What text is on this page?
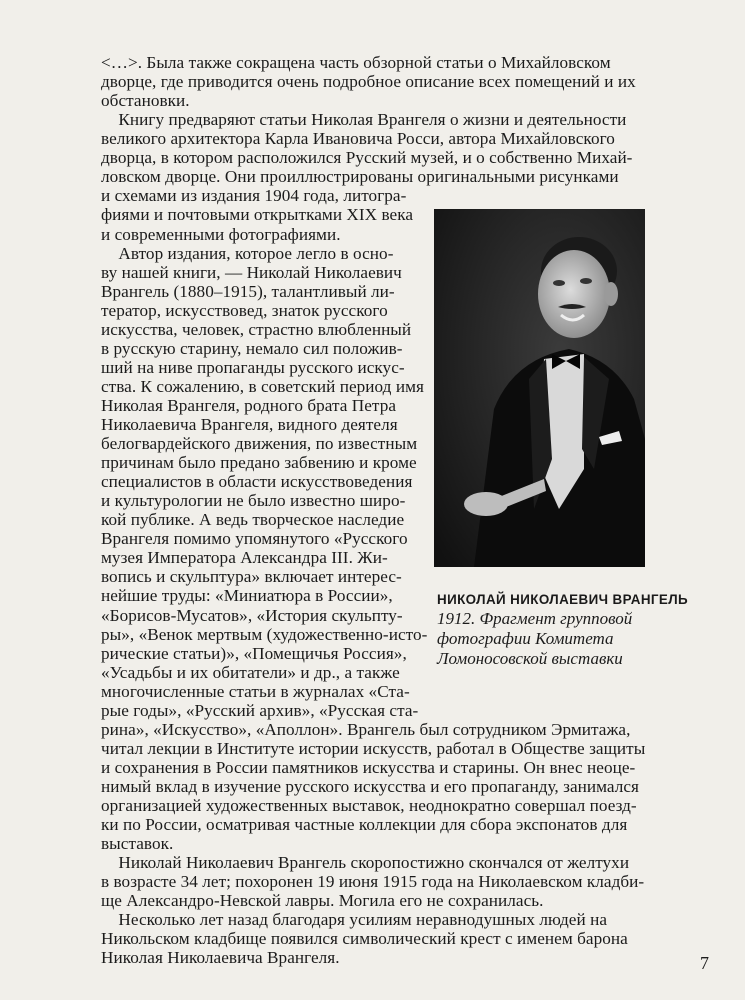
<…>. Была также сокращена часть обзорной статьи о Михайловском
дворце, где приводится очень подробное описание всех помещений и их
обстановки.
Книгу предваряют статьи Николая Врангеля о жизни и деятельности
великого архитектора Карла Ивановича Росси, автора Михайловского
дворца, в котором расположился Русский музей, и о собственно Михай-
ловском дворце. Они проиллюстрированы оригинальными рисунками
и схемами из издания 1904 года, литогра-
фиями и почтовыми открытками XIX века
и современными фотографиями.
Автор издания, которое легло в осно-
ву нашей книги, — Николай Николаевич
Врангель (1880–1915), талантливый ли-
тератор, искусствовед, знаток русского
искусства, человек, страстно влюбленный
в русскую старину, немало сил положив-
ший на ниве пропаганды русского искус-
ства. К сожалению, в советский период имя
Николая Врангеля, родного брата Петра
Николаевича Врангеля, видного деятеля
белогвардейского движения, по известным
причинам было предано забвению и кроме
специалистов в области искусствоведения
и культурологии не было известно широ-
кой публике. А ведь творческое наследие
Врангеля помимо упомянутого «Русского
музея Императора Александра III. Жи-
вопись и скульптура» включает интерес-
нейшие труды: «Миниатюра в России»,
«Борисов-Мусатов», «История скульпту-
ры», «Венок мертвым (художественно-исто-
рические статьи)», «Помещичья Россия»,
«Усадьбы и их обитатели» и др., а также
многочисленные статьи в журналах «Ста-
рые годы», «Русский архив», «Русская ста-
рина», «Искусство», «Аполлон». Врангель был сотрудником Эрмитажа,
читал лекции в Институте истории искусств, работал в Обществе защиты
и сохранения в России памятников искусства и старины. Он внес неоце-
нимый вклад в изучение русского искусства и его пропаганду, занимался
организацией художественных выставок, неоднократно совершал поезд-
ки по России, осматривая частные коллекции для сбора экспонатов для
выставок.
Николай Николаевич Врангель скоропостижно скончался от желтухи
в возрасте 34 лет; похоронен 19 июня 1915 года на Николаевском кладби-
ще Александро-Невской лавры. Могила его не сохранилась.
Несколько лет назад благодаря усилиям неравнодушных людей на
Никольском кладбище появился символический крест с именем барона
Николая Николаевича Врангеля.
НИКОЛАЙ НИКОЛАЕВИЧ ВРАНГЕЛЬ
1912. Фрагмент групповой
фотографии Комитета
Ломоносовской выставки
7
